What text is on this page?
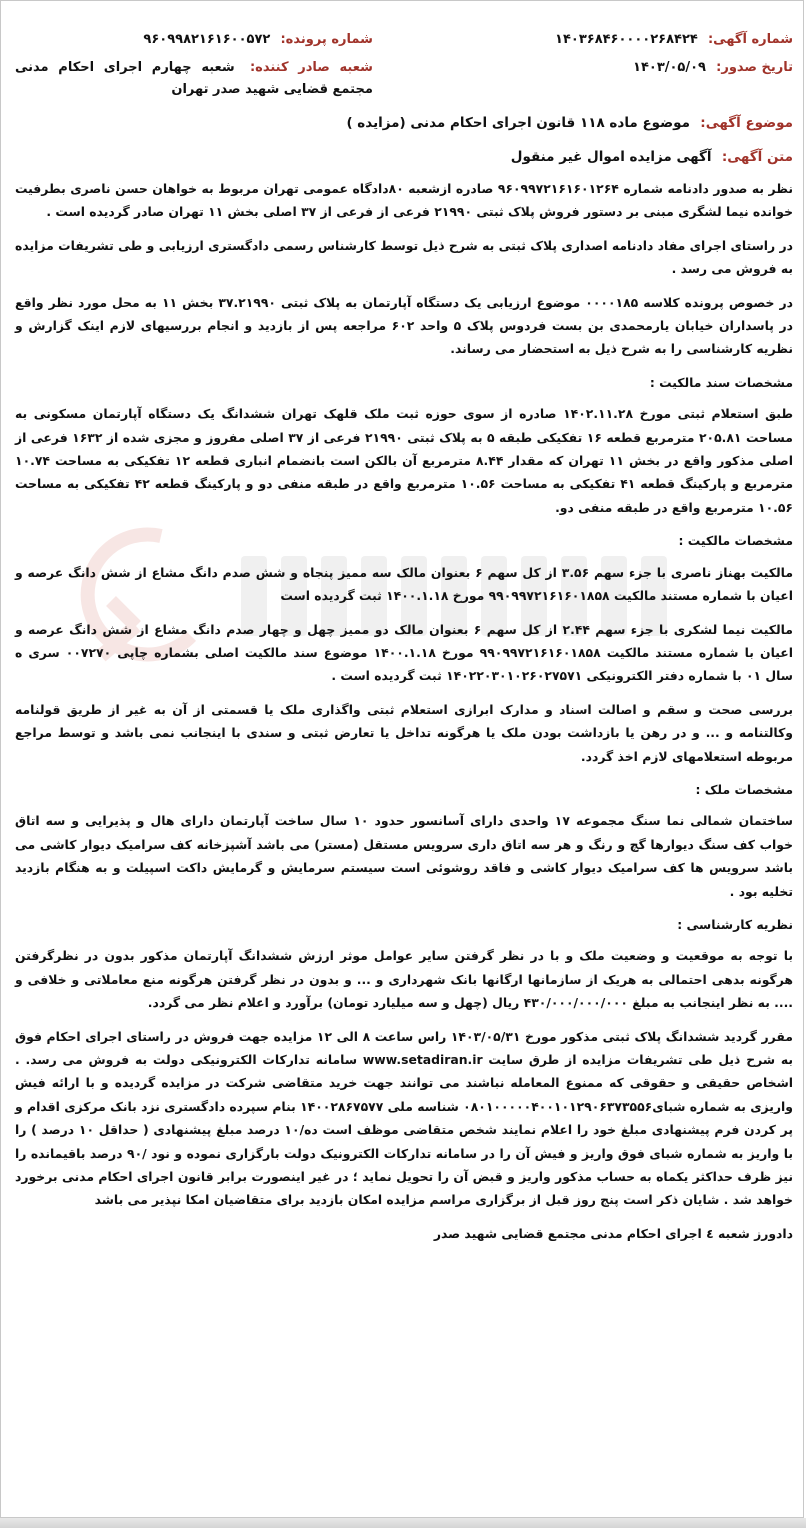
شماره آگهی: ۱۴۰۳۶۸۴۶۰۰۰۰۲۶۸۴۲۴
شماره پرونده: ۹۶۰۹۹۸۲۱۶۱۶۰۰۵۷۲
تاریخ صدور: ۱۴۰۳/۰۵/۰۹
شعبه صادر کننده: شعبه چهارم اجرای احکام مدنی مجتمع قضایی شهید صدر تهران
موضوع آگهی: موضوع ماده ۱۱۸ قانون اجرای احکام مدنی (مزایده )
متن آگهی: آگهی مزایده اموال غیر منقول

نظر به صدور دادنامه شماره ۹۶۰۹۹۷۲۱۶۱۶۰۱۲۶۴ صادره ازشعبه ۸۰دادگاه عمومی تهران مربوط به خواهان حسن ناصری بطرفیت خوانده نیما لشگری مبنی بر دستور فروش پلاک ثبتی ۲۱۹۹۰ فرعی از فرعی از ۳۷ اصلی بخش ۱۱ تهران صادر گردیده است .

در راستای اجرای مفاد دادنامه اصداری پلاک ثبتی به شرح ذیل توسط کارشناس رسمی دادگستری ارزیابی و طی تشریفات مزایده به فروش می رسد .

در خصوص پرونده کلاسه ۰۰۰۰۱۸۵ موضوع ارزیابی یک دستگاه آپارتمان به پلاک ثبتی ۳۷.۲۱۹۹۰ بخش ۱۱ به محل مورد نظر واقع در پاسداران خیابان یارمحمدی بن بست فردوس پلاک ۵ واحد ۶۰۲ مراجعه پس از بازدید و انجام بررسیهای لازم اینک گزارش و نظریه کارشناسی را به شرح ذیل به استحضار می رساند.

مشخصات سند مالکیت :

طبق استعلام ثبتی مورخ ۱۴۰۲.۱۱.۲۸ صادره از سوی حوزه ثبت ملک قلهک تهران ششدانگ یک دستگاه آپارتمان مسکونی به مساحت ۲۰۵.۸۱ مترمربع قطعه ۱۶ تفکیکی طبقه ۵ به پلاک ثبتی ۲۱۹۹۰ فرعی از ۳۷ اصلی مفروز و مجزی شده از ۱۶۳۲ فرعی از اصلی مذکور واقع در بخش ۱۱ تهران که مقدار ۸.۴۴ مترمربع آن بالکن است بانضمام انباری قطعه ۱۲ تفکیکی به مساحت ۱۰.۷۴ مترمربع و پارکینگ قطعه ۴۱ تفکیکی به مساحت ۱۰.۵۶ مترمربع واقع در طبقه منفی دو و پارکینگ قطعه ۴۲ تفکیکی به مساحت ۱۰.۵۶ مترمربع واقع در طبقه منفی دو.

مشخصات مالکیت :

مالکیت بهناز ناصری با جزء سهم ۳.۵۶ از کل سهم ۶ بعنوان مالک سه ممیز پنجاه و شش صدم دانگ مشاع از شش دانگ عرصه و اعیان با شماره مستند مالکیت ۹۹۰۹۹۷۲۱۶۱۶۰۱۸۵۸ مورخ ۱۴۰۰.۱.۱۸ ثبت گردیده است

مالکیت نیما لشکری با جزء سهم ۲.۴۴ از کل سهم ۶ بعنوان مالک دو ممیز چهل و چهار صدم دانگ مشاع از شش دانگ عرصه و اعیان با شماره مستند مالکیت ۹۹۰۹۹۷۲۱۶۱۶۰۱۸۵۸ مورخ ۱۴۰۰.۱.۱۸ موضوع سند مالکیت اصلی بشماره چاپی ۰۰۷۲۷۰ سری ه سال ۰۱ با شماره دفتر الکترونیکی ۱۴۰۲۲۰۳۰۱۰۲۶۰۲۷۵۷۱ ثبت گردیده است .

بررسی صحت و سقم و اصالت اسناد و مدارک ابرازی استعلام ثبتی واگذاری ملک یا قسمتی از آن به غیر از طریق قولنامه وکالتنامه و ... و در رهن یا بازداشت بودن ملک یا هرگونه تداخل یا تعارض ثبتی و سندی با اینجانب نمی باشد و توسط مراجع مربوطه استعلامهای لازم اخذ گردد.

مشخصات ملک :

ساختمان شمالی نما سنگ مجموعه ۱۷ واحدی دارای آسانسور حدود ۱۰ سال ساخت آپارتمان دارای هال و پذیرایی و سه اتاق خواب کف سنگ دیوارها گچ و رنگ و هر سه اتاق داری سرویس مستقل (مستر) می باشد آشپزخانه کف سرامیک دیوار کاشی می باشد سرویس ها کف سرامیک دیوار کاشی و فاقد روشوئی است سیستم سرمایش و گرمایش داکت اسپیلت و به هنگام بازدید تخلیه بود .

نظریه کارشناسی :

با توجه به موقعیت و وضعیت ملک و با در نظر گرفتن سایر عوامل موثر ارزش ششدانگ آپارتمان مذکور بدون در نظرگرفتن هرگونه بدهی احتمالی به هریک از سازمانها ارگانها بانک شهرداری و ... و بدون در نظر گرفتن هرگونه منع معاملاتی و خلافی و .... به نظر اینجانب به مبلغ ۴۳۰/۰۰۰/۰۰۰/۰۰۰ ریال (چهل و سه میلیارد تومان) برآورد و اعلام نظر می گردد.

مقرر گردید ششدانگ پلاک ثبتی مذکور مورخ ۱۴۰۳/۰۵/۳۱ راس ساعت ۸ الی ۱۲ مزایده جهت فروش در راستای اجرای احکام فوق به شرح ذیل طی تشریفات مزایده از طرق سایت www.setadiran.ir سامانه تدارکات الکترونیکی دولت به فروش می رسد. . اشخاص حقیقی و حقوقی که ممنوع المعامله نباشند می توانند جهت خرید متقاضی شرکت در مزایده گردیده و با ارائه فیش واریزی به شماره شبای۰۸۰۱۰۰۰۰۰۴۰۰۱۰۱۲۹۰۶۳۷۳۵۵۶ شناسه ملی ۱۴۰۰۲۸۶۷۵۷۷ بنام سپرده دادگستری نزد بانک مرکزی اقدام و پر کردن فرم پیشنهادی مبلغ خود را اعلام نمایند شخص متقاضی موظف است ده/۱۰ درصد مبلغ پیشنهادی ( حداقل ۱۰ درصد ) را با واریز به شماره شبای فوق واریز و فیش آن را در سامانه تدارکات الکترونیک دولت بارگزاری نموده و نود /۹۰ درصد باقیمانده را نیز ظرف حداکثر یکماه به حساب مذکور واریز و قبض آن را تحویل نماید ؛ در غیر اینصورت برابر قانون اجرای احکام مدنی برخورد خواهد شد . شایان ذکر است پنج روز قبل از برگزاری مراسم مزایده امکان بازدید برای متقاضیان امکا نپذیر می باشد

دادورز شعبه ٤ اجرای احکام مدنی مجتمع قضایی شهید صدر
